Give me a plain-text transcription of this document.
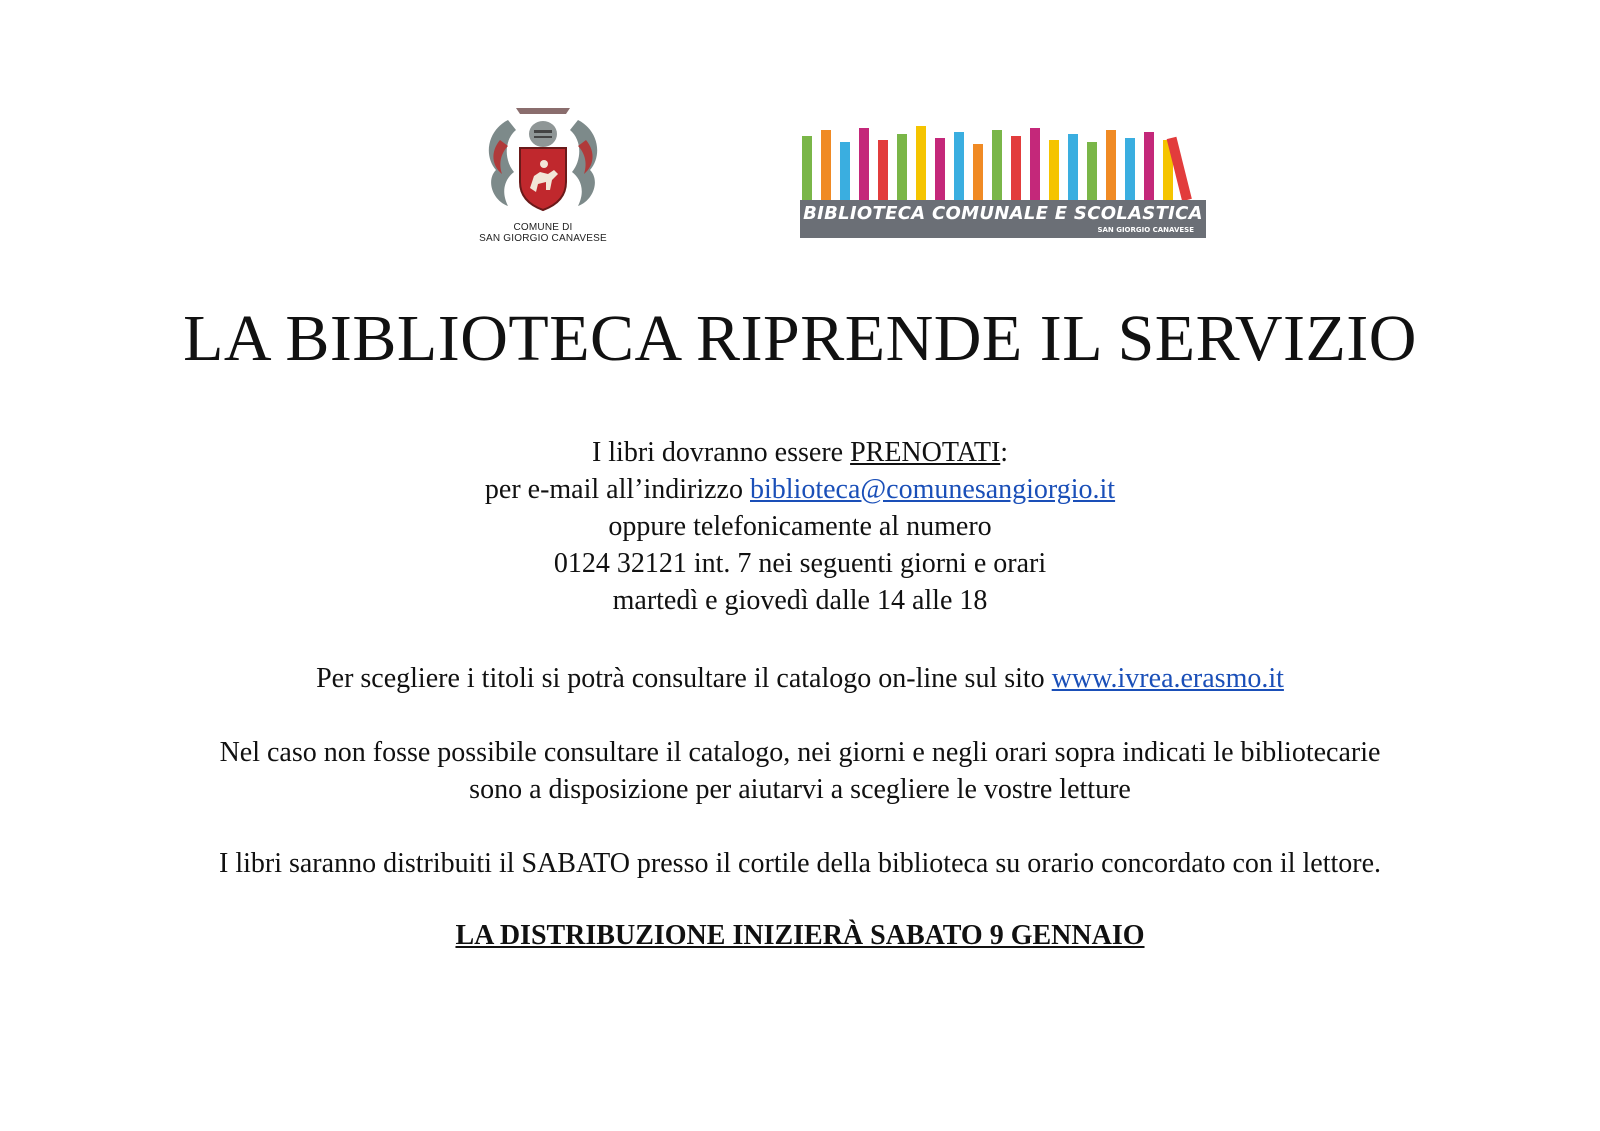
COMUNE DI
SAN GIORGIO CANAVESE
BIBLIOTECA COMUNALE E SCOLASTICA
SAN GIORGIO CANAVESE
LA BIBLIOTECA RIPRENDE IL SERVIZIO
I libri dovranno essere PRENOTATI:
per e-mail all’indirizzo biblioteca@comunesangiorgio.it
oppure telefonicamente al numero
0124 32121 int. 7 nei seguenti giorni e orari
martedì e giovedì dalle 14 alle 18
Per scegliere i titoli si potrà consultare il catalogo on-line sul sito www.ivrea.erasmo.it
Nel caso non fosse possibile consultare il catalogo, nei giorni e negli orari sopra indicati le bibliotecarie
sono a disposizione per aiutarvi a scegliere le vostre letture
I libri saranno distribuiti il SABATO presso il cortile della biblioteca su orario concordato con il lettore.
LA DISTRIBUZIONE INIZIERÀ SABATO 9 GENNAIO
